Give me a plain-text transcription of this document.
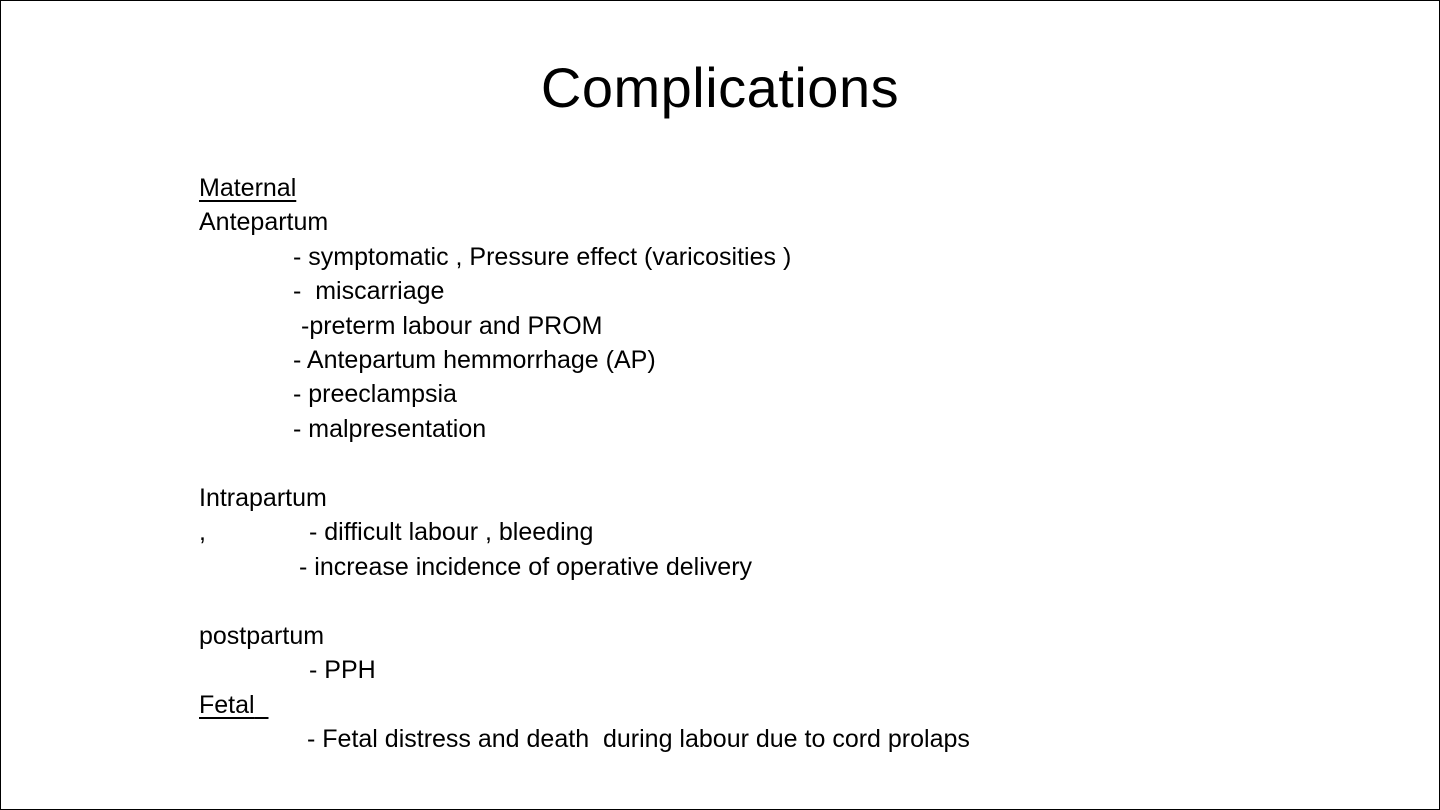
Complications
Maternal
Antepartum
- symptomatic , Pressure effect (varicosities )
-  miscarriage
-preterm labour and PROM
- Antepartum hemmorrhage (AP)
- preeclampsia
- malpresentation
Intrapartum
,	- difficult labour , bleeding
- increase incidence of operative delivery
postpartum
- PPH
Fetal
- Fetal distress and death  during labour due to cord prolaps
